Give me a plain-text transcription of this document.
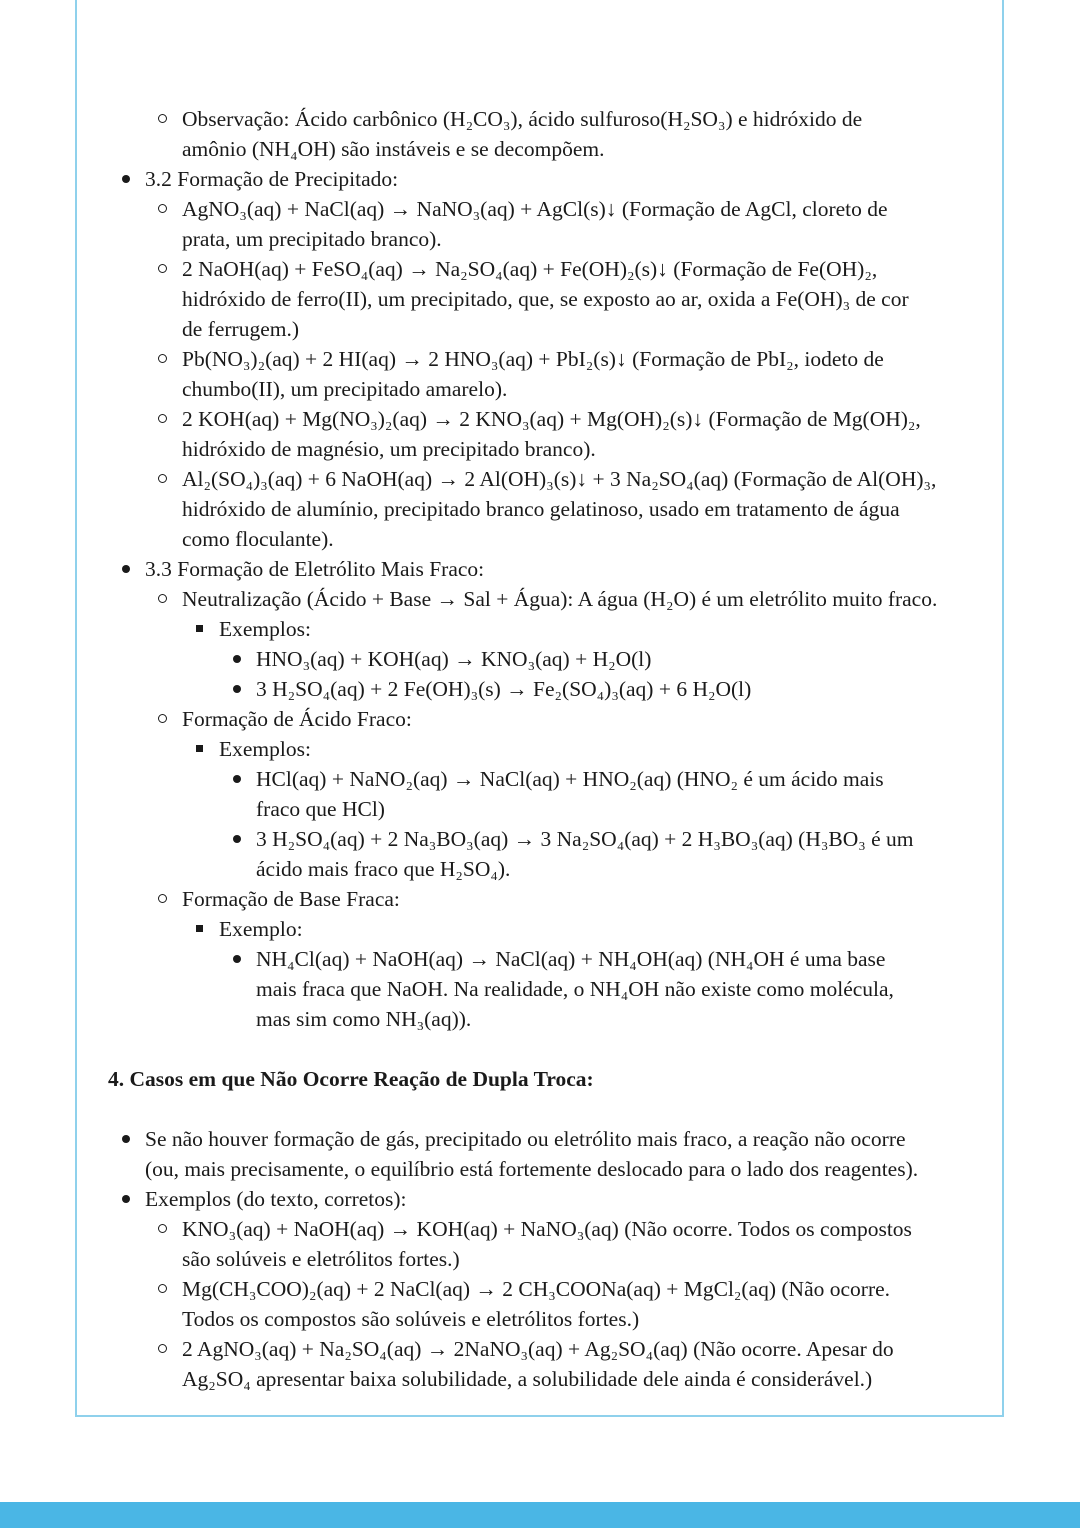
Observação: Ácido carbônico (H₂CO₃), ácido sulfuroso(H₂SO₃) e hidróxido de
amônio (NH₄OH) são instáveis e se decompõem.
3.2 Formação de Precipitado:
AgNO₃(aq) + NaCl(aq) → NaNO₃(aq) + AgCl(s)↓ (Formação de AgCl, cloreto de
prata, um precipitado branco).
2 NaOH(aq) + FeSO₄(aq) → Na₂SO₄(aq) + Fe(OH)₂(s)↓ (Formação de Fe(OH)₂,
hidróxido de ferro(II), um precipitado, que, se exposto ao ar, oxida a Fe(OH)₃ de cor
de ferrugem.)
Pb(NO₃)₂(aq) + 2 HI(aq) → 2 HNO₃(aq) + PbI₂(s)↓ (Formação de PbI₂, iodeto de
chumbo(II), um precipitado amarelo).
2 KOH(aq) + Mg(NO₃)₂(aq) → 2 KNO₃(aq) + Mg(OH)₂(s)↓ (Formação de Mg(OH)₂,
hidróxido de magnésio, um precipitado branco).
Al₂(SO₄)₃(aq) + 6 NaOH(aq) → 2 Al(OH)₃(s)↓ + 3 Na₂SO₄(aq) (Formação de Al(OH)₃,
hidróxido de alumínio, precipitado branco gelatinoso, usado em tratamento de água
como floculante).
3.3 Formação de Eletrólito Mais Fraco:
Neutralização (Ácido + Base → Sal + Água): A água (H₂O) é um eletrólito muito fraco.
Exemplos:
HNO₃(aq) + KOH(aq) → KNO₃(aq) + H₂O(l)
3 H₂SO₄(aq) + 2 Fe(OH)₃(s) → Fe₂(SO₄)₃(aq) + 6 H₂O(l)
Formação de Ácido Fraco:
Exemplos:
HCl(aq) + NaNO₂(aq) → NaCl(aq) + HNO₂(aq) (HNO₂ é um ácido mais
fraco que HCl)
3 H₂SO₄(aq) + 2 Na₃BO₃(aq) → 3 Na₂SO₄(aq) + 2 H₃BO₃(aq) (H₃BO₃ é um
ácido mais fraco que H₂SO₄).
Formação de Base Fraca:
Exemplo:
NH₄Cl(aq) + NaOH(aq) → NaCl(aq) + NH₄OH(aq) (NH₄OH é uma base
mais fraca que NaOH. Na realidade, o NH₄OH não existe como molécula,
mas sim como NH₃(aq)).
4. Casos em que Não Ocorre Reação de Dupla Troca:
Se não houver formação de gás, precipitado ou eletrólito mais fraco, a reação não ocorre
(ou, mais precisamente, o equilíbrio está fortemente deslocado para o lado dos reagentes).
Exemplos (do texto, corretos):
KNO₃(aq) + NaOH(aq) → KOH(aq) + NaNO₃(aq) (Não ocorre. Todos os compostos
são solúveis e eletrólitos fortes.)
Mg(CH₃COO)₂(aq) + 2 NaCl(aq) → 2 CH₃COONa(aq) + MgCl₂(aq) (Não ocorre.
Todos os compostos são solúveis e eletrólitos fortes.)
2 AgNO₃(aq) + Na₂SO₄(aq) → 2NaNO₃(aq) + Ag₂SO₄(aq) (Não ocorre. Apesar do
Ag₂SO₄ apresentar baixa solubilidade, a solubilidade dele ainda é considerável.)
